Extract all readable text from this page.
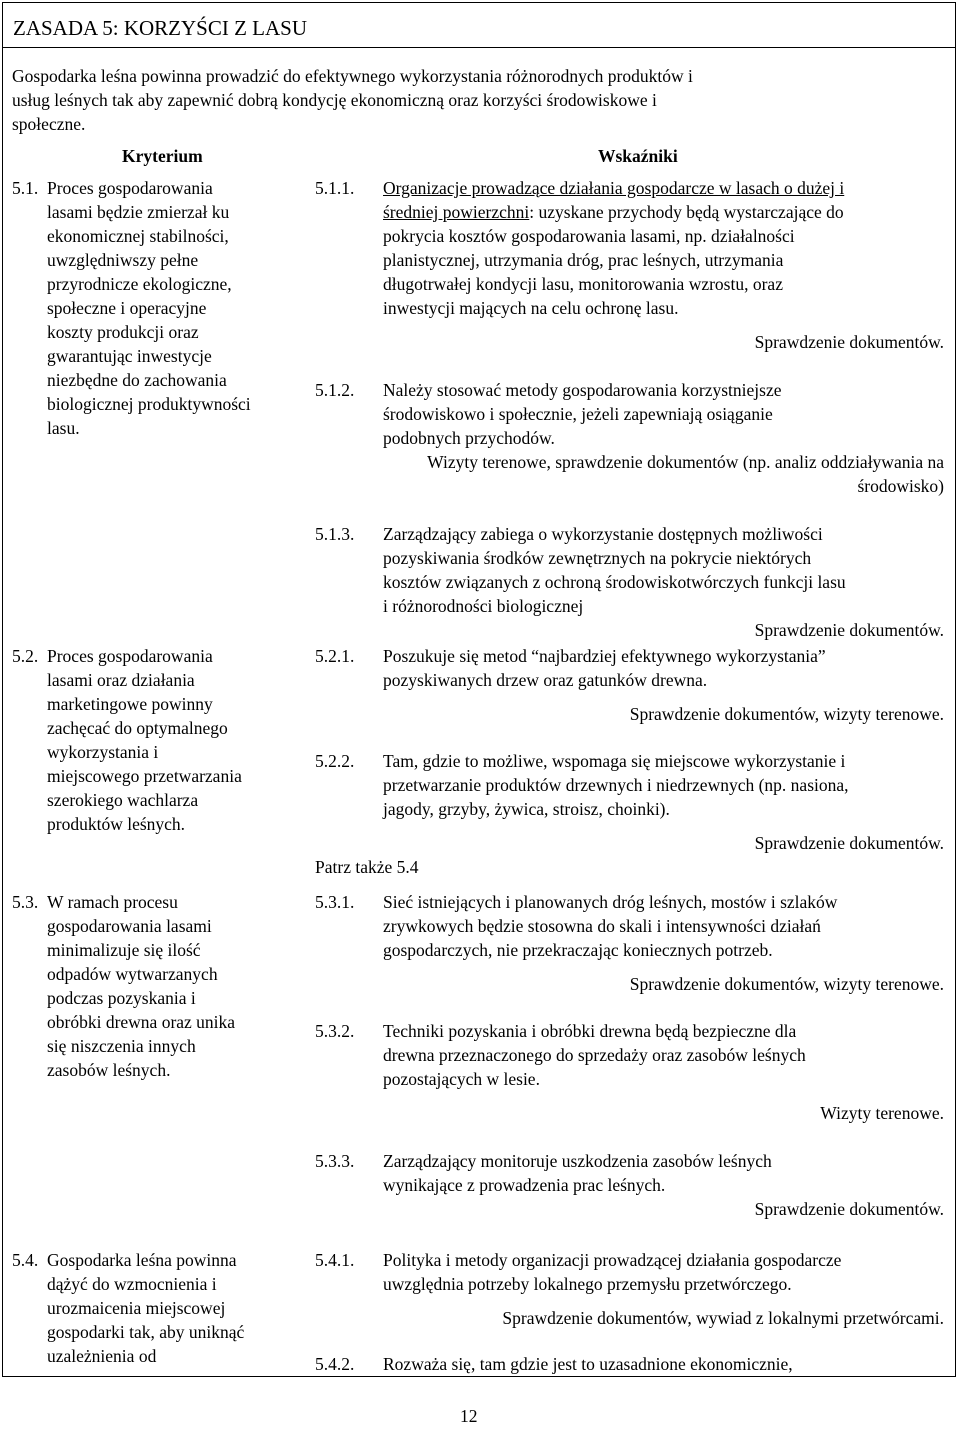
ZASADA 5: KORZYŚCI Z LASU
Gospodarka leśna powinna prowadzić do efektywnego wykorzystania różnorodnych produktów i
usług leśnych tak aby zapewnić dobrą kondycję ekonomiczną oraz korzyści środowiskowe i
społeczne.
Kryterium	Wskaźniki
5.1. Proces gospodarowania
lasami będzie zmierzał ku
ekonomicznej stabilności,
uwzględniwszy pełne
przyrodnicze ekologiczne,
społeczne i operacyjne
koszty produkcji oraz
gwarantując inwestycje
niezbędne do zachowania
biologicznej produktywności
lasu.
5.2. Proces gospodarowania
lasami oraz działania
marketingowe powinny
zachęcać do optymalnego
wykorzystania i
miejscowego przetwarzania
szerokiego wachlarza
produktów leśnych.
5.3. W ramach procesu
gospodarowania lasami
minimalizuje się ilość
odpadów wytwarzanych
podczas pozyskania i
obróbki drewna oraz unika
się niszczenia innych
zasobów leśnych.
5.4. Gospodarka leśna powinna
dążyć do wzmocnienia i
urozmaicenia miejscowej
gospodarki tak, aby uniknąć
uzależnienia od
5.1.1. Organizacje prowadzące działania gospodarcze w lasach o dużej i
średniej powierzchni: uzyskane przychody będą wystarczające do
pokrycia kosztów gospodarowania lasami, np. działalności
planistycznej, utrzymania dróg, prac leśnych, utrzymania
długotrwałej kondycji lasu, monitorowania wzrostu, oraz
inwestycji mających na celu ochronę lasu.
Sprawdzenie dokumentów.
5.1.2. Należy stosować metody gospodarowania korzystniejsze
środowiskowo i społecznie, jeżeli zapewniają osiąganie
podobnych przychodów.
Wizyty terenowe, sprawdzenie dokumentów (np. analiz oddziaływania na
środowisko)
5.1.3. Zarządzający zabiega o wykorzystanie dostępnych możliwości
pozyskiwania środków zewnętrznych na pokrycie niektórych
kosztów związanych z ochroną środowiskotwórczych funkcji lasu
i różnorodności biologicznej
Sprawdzenie dokumentów.
5.2.1. Poszukuje się metod “najbardziej efektywnego wykorzystania”
pozyskiwanych drzew oraz gatunków drewna.
Sprawdzenie dokumentów, wizyty terenowe.
5.2.2. Tam, gdzie to możliwe, wspomaga się miejscowe wykorzystanie i
przetwarzanie produktów drzewnych i niedrzewnych (np. nasiona,
jagody, grzyby, żywica, stroisz, choinki).
Sprawdzenie dokumentów.
Patrz także 5.4
5.3.1. Sieć istniejących i planowanych dróg leśnych, mostów i szlaków
zrywkowych będzie stosowna do skali i intensywności działań
gospodarczych, nie przekraczając koniecznych potrzeb.
Sprawdzenie dokumentów, wizyty terenowe.
5.3.2. Techniki pozyskania i obróbki drewna będą bezpieczne dla
drewna przeznaczonego do sprzedaży oraz zasobów leśnych
pozostających w lesie.
Wizyty terenowe.
5.3.3. Zarządzający monitoruje uszkodzenia zasobów leśnych
wynikające z prowadzenia prac leśnych.
Sprawdzenie dokumentów.
5.4.1. Polityka i metody organizacji prowadzącej działania gospodarcze
uwzględnia potrzeby lokalnego przemysłu przetwórczego.
Sprawdzenie dokumentów, wywiad z lokalnymi przetwórcami.
5.4.2. Rozważa się, tam gdzie jest to uzasadnione ekonomicznie,
12
